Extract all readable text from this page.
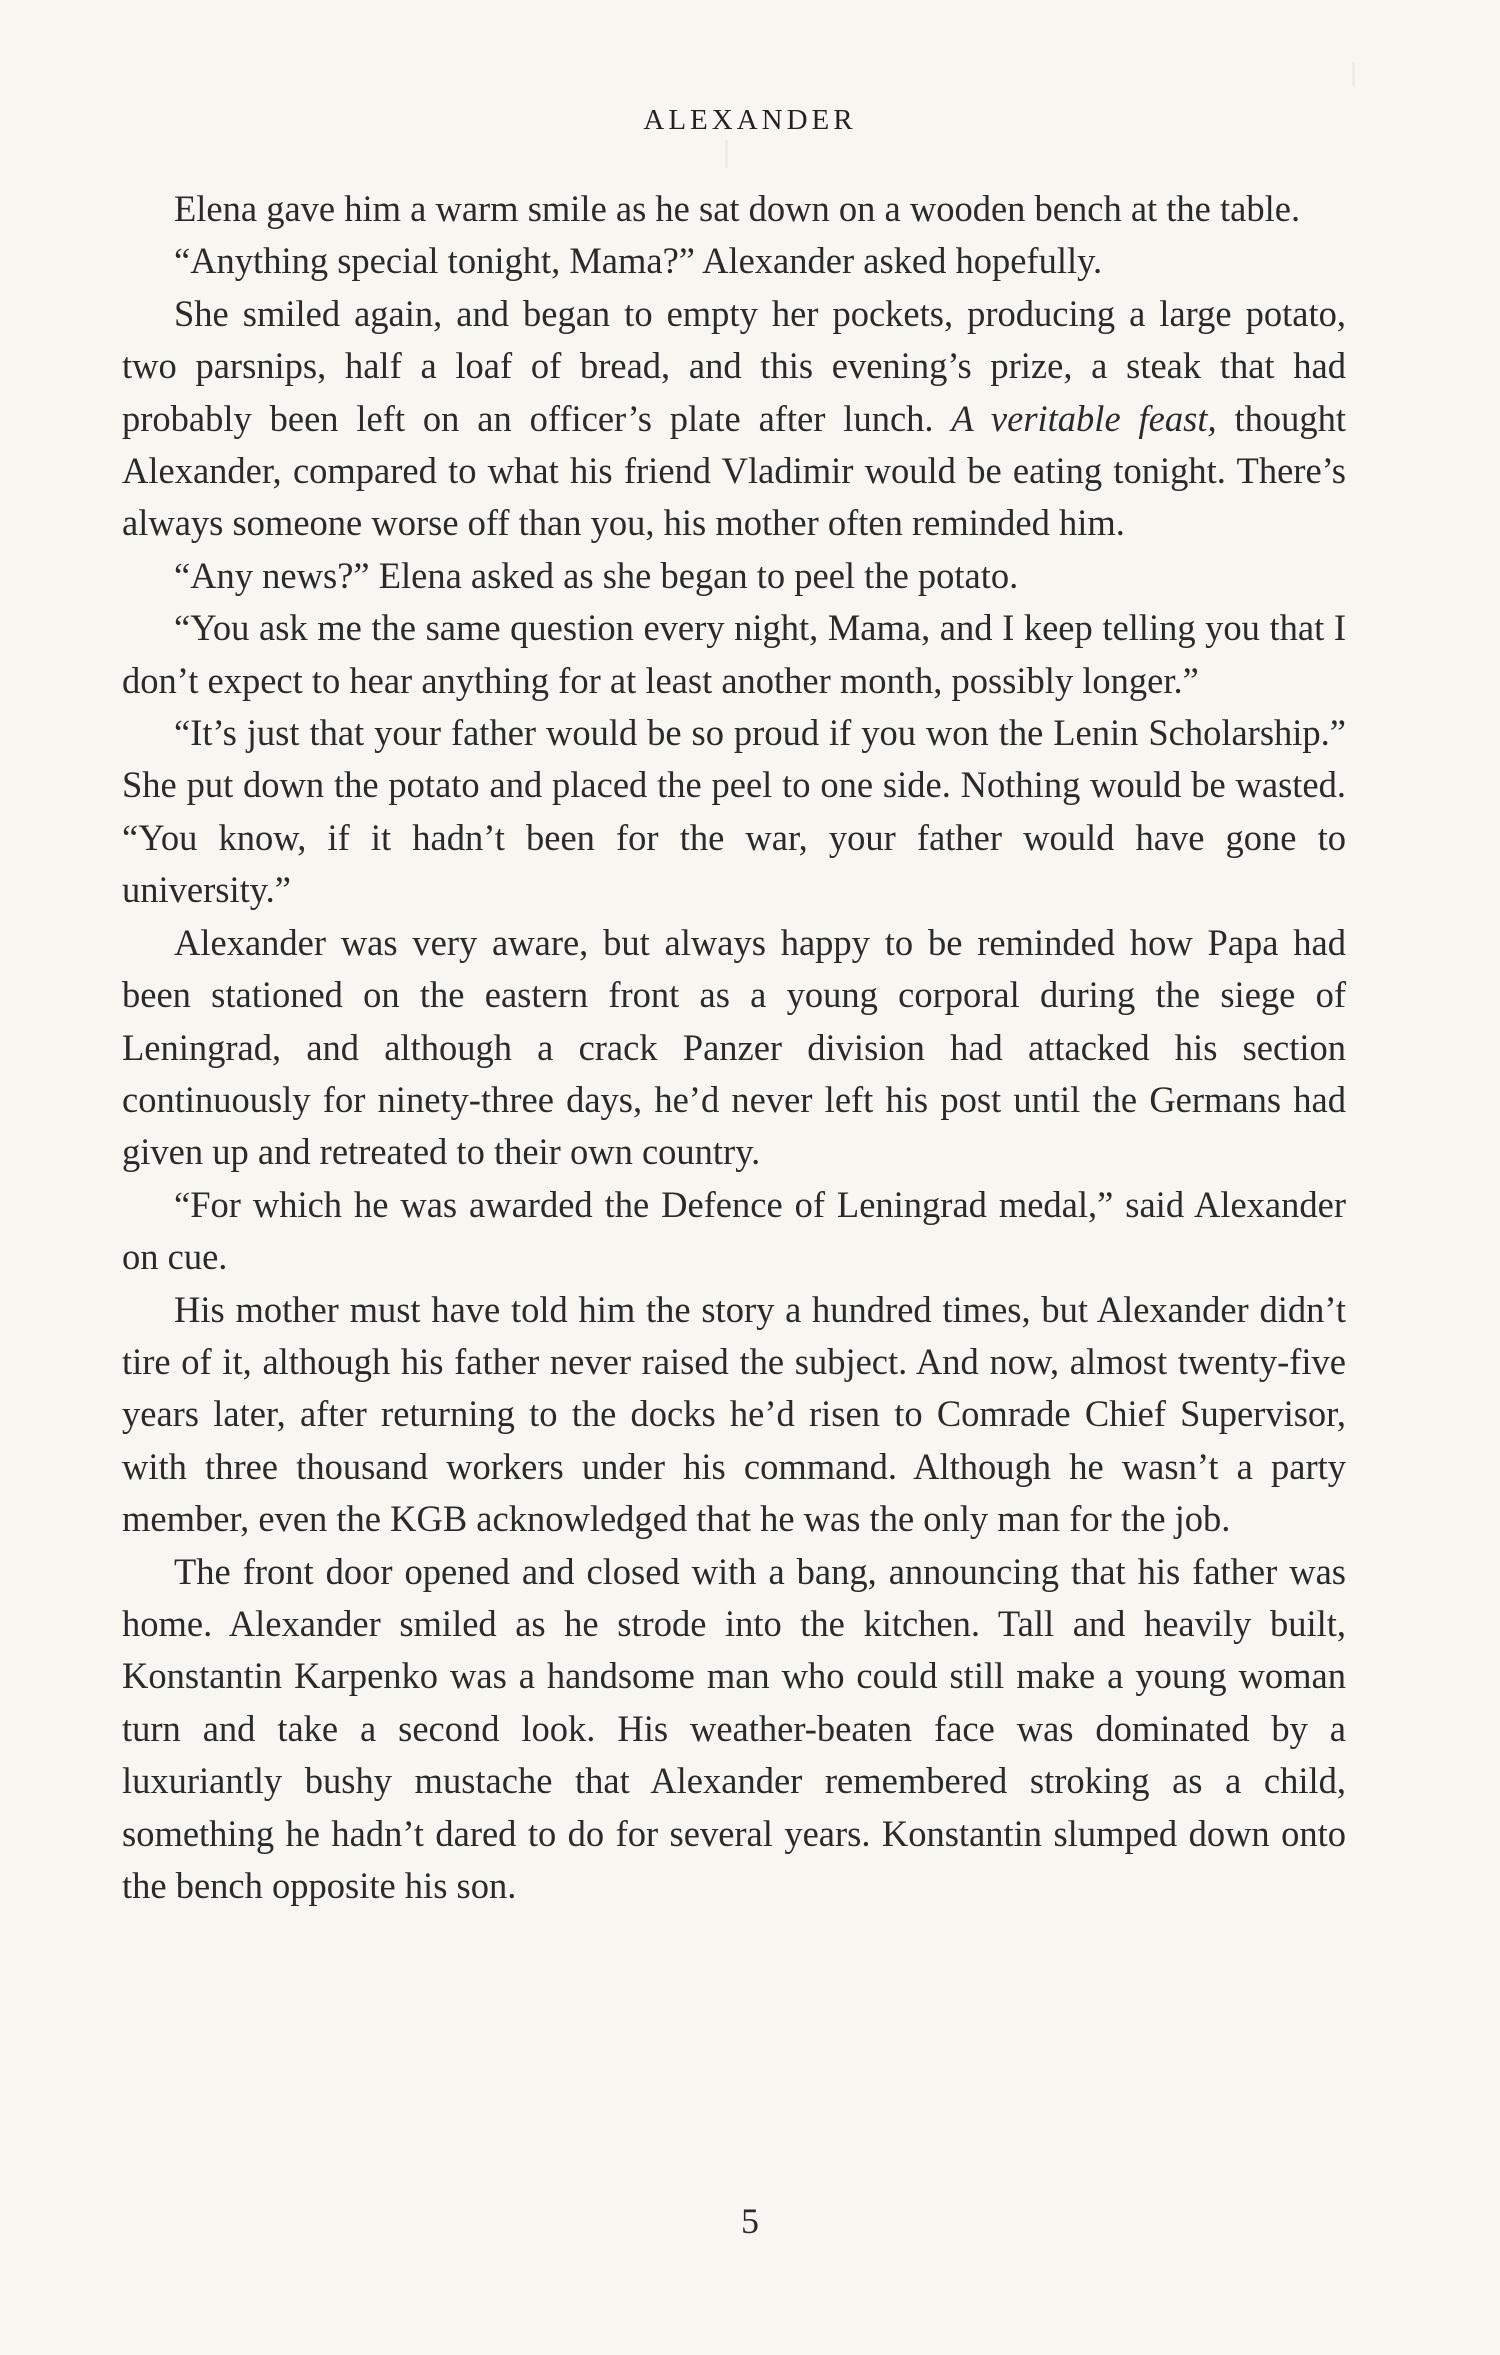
ALEXANDER

Elena gave him a warm smile as he sat down on a wooden bench at the table.

“Anything special tonight, Mama?” Alexander asked hopefully.

She smiled again, and began to empty her pockets, producing a large potato, two parsnips, half a loaf of bread, and this evening’s prize, a steak that had probably been left on an officer’s plate after lunch. A veritable feast, thought Alexander, compared to what his friend Vladimir would be eating tonight. There’s always someone worse off than you, his mother often reminded him.

“Any news?” Elena asked as she began to peel the potato.

“You ask me the same question every night, Mama, and I keep telling you that I don’t expect to hear anything for at least another month, possibly longer.”

“It’s just that your father would be so proud if you won the Lenin Scholarship.” She put down the potato and placed the peel to one side. Nothing would be wasted. “You know, if it hadn’t been for the war, your father would have gone to university.”

Alexander was very aware, but always happy to be reminded how Papa had been stationed on the eastern front as a young corporal during the siege of Leningrad, and although a crack Panzer division had attacked his section continuously for ninety-three days, he’d never left his post until the Germans had given up and retreated to their own country.

“For which he was awarded the Defence of Leningrad medal,” said Alexander on cue.

His mother must have told him the story a hundred times, but Alexander didn’t tire of it, although his father never raised the subject. And now, almost twenty-five years later, after returning to the docks he’d risen to Comrade Chief Supervisor, with three thousand workers under his command. Although he wasn’t a party member, even the KGB acknowledged that he was the only man for the job.

The front door opened and closed with a bang, announcing that his father was home. Alexander smiled as he strode into the kitchen. Tall and heavily built, Konstantin Karpenko was a handsome man who could still make a young woman turn and take a second look. His weather-beaten face was dominated by a luxuriantly bushy mustache that Alexander remembered stroking as a child, something he hadn’t dared to do for several years. Konstantin slumped down onto the bench opposite his son.

5
